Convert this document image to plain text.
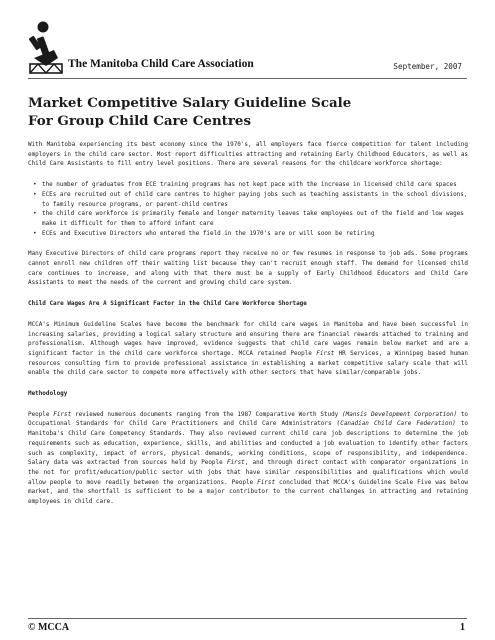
The Manitoba Child Care Association	September, 2007
Market Competitive Salary Guideline Scale
For Group Child Care Centres

With Manitoba experiencing its best economy since the 1970's, all employers face fierce competition for talent including employers in the child care sector. Most report difficulties attracting and retaining Early Childhood Educators, as well as Child Care Assistants to fill entry level positions. There are several reasons for the childcare workforce shortage:

• the number of graduates from ECE training programs has not kept pace with the increase in licensed child care spaces
• ECEs are recruited out of child care centres to higher paying jobs such as teaching assistants in the school divisions, to family resource programs, or parent-child centres
• the child care workforce is primarily female and longer maternity leaves take employees out of the field and low wages make it difficult for them to afford infant care
• ECEs and Executive Directors who entered the field in the 1970's are or will soon be retiring

Many Executive Directors of child care programs report they receive no or few resumes in response to job ads. Some programs cannot enroll new children off their waiting list because they can't recruit enough staff. The demand for licensed child care continues to increase, and along with that there must be a supply of Early Childhood Educators and Child Care Assistants to meet the needs of the current and growing child care system.

Child Care Wages Are A Significant Factor in the Child Care Workforce Shortage

MCCA's Minimum Guideline Scales have become the benchmark for child care wages in Manitoba and have been successful in increasing salaries, providing a logical salary structure and ensuring there are financial rewards attached to training and professionalism. Although wages have improved, evidence suggests that child care wages remain below market and are a significant factor in the child care workforce shortage. MCCA retained People First HR Services, a Winnipeg based human resources consulting firm to provide professional assistance in establishing a market competitive salary scale that will enable the child care sector to compete more effectively with other sectors that have similar/comparable jobs.

Methodology

People First reviewed numerous documents ranging from the 1987 Comparative Worth Study (Mansis Development Corporation) to Occupational Standards for Child Care Practitioners and Child Care Administrators (Canadian Child Care Federation) to Manitoba's Child Care Competency Standards. They also reviewed current child care job descriptions to determine the job requirements such as education, experience, skills, and abilities and conducted a job evaluation to identify other factors such as complexity, impact of errors, physical demands, working conditions, scope of responsibility, and independence. Salary data was extracted from sources held by People First, and through direct contact with comparator organizations in the not for profit/education/public sector with jobs that have similar responsibilities and qualifications which would allow people to move readily between the organizations. People First concluded that MCCA's Guideline Scale Five was below market, and the shortfall is sufficient to be a major contributor to the current challenges in attracting and retaining employees in child care.

© MCCA	1
